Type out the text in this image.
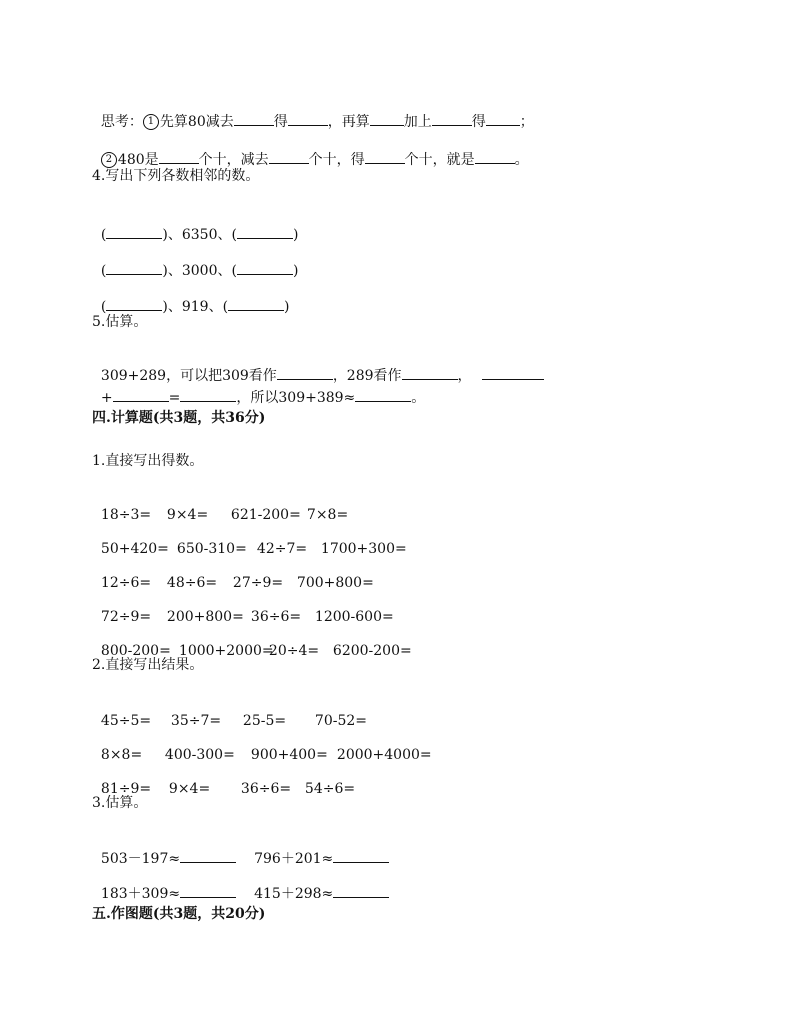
思考： 1 先算80减去	得	，再算 加上	得 ；

2 480是	个十，减去	个十，得	个十，就是	。

4.写出下列各数相邻的数。

(	)、6350、(	)

(	)、3000、(	)

(	)、919、(	)

5.估算。

309+289，可以把309看作	，289看作	，

+	=	，所以309+389≈	。

四.计算题(共3题，共36分)
1.直接写出得数。

18÷3= 9×4= 621-200= 7×8=

50+420= 650-310= 42÷7= 1700+300=

12÷6= 48÷6= 27÷9= 700+800=

72÷9= 200+800= 36÷6= 1200-600=

800-200= 1000+2000=20÷4= 6200-200=

2.直接写出结果。

45÷5= 35÷7= 25-5= 70-52=

8×8= 400-300= 900+400= 2000+4000=

81÷9= 9×4= 36÷6= 54÷6=

3.估算。

503－197≈	796＋201≈

183＋309≈	415＋298≈

五.作图题(共3题，共20分)
